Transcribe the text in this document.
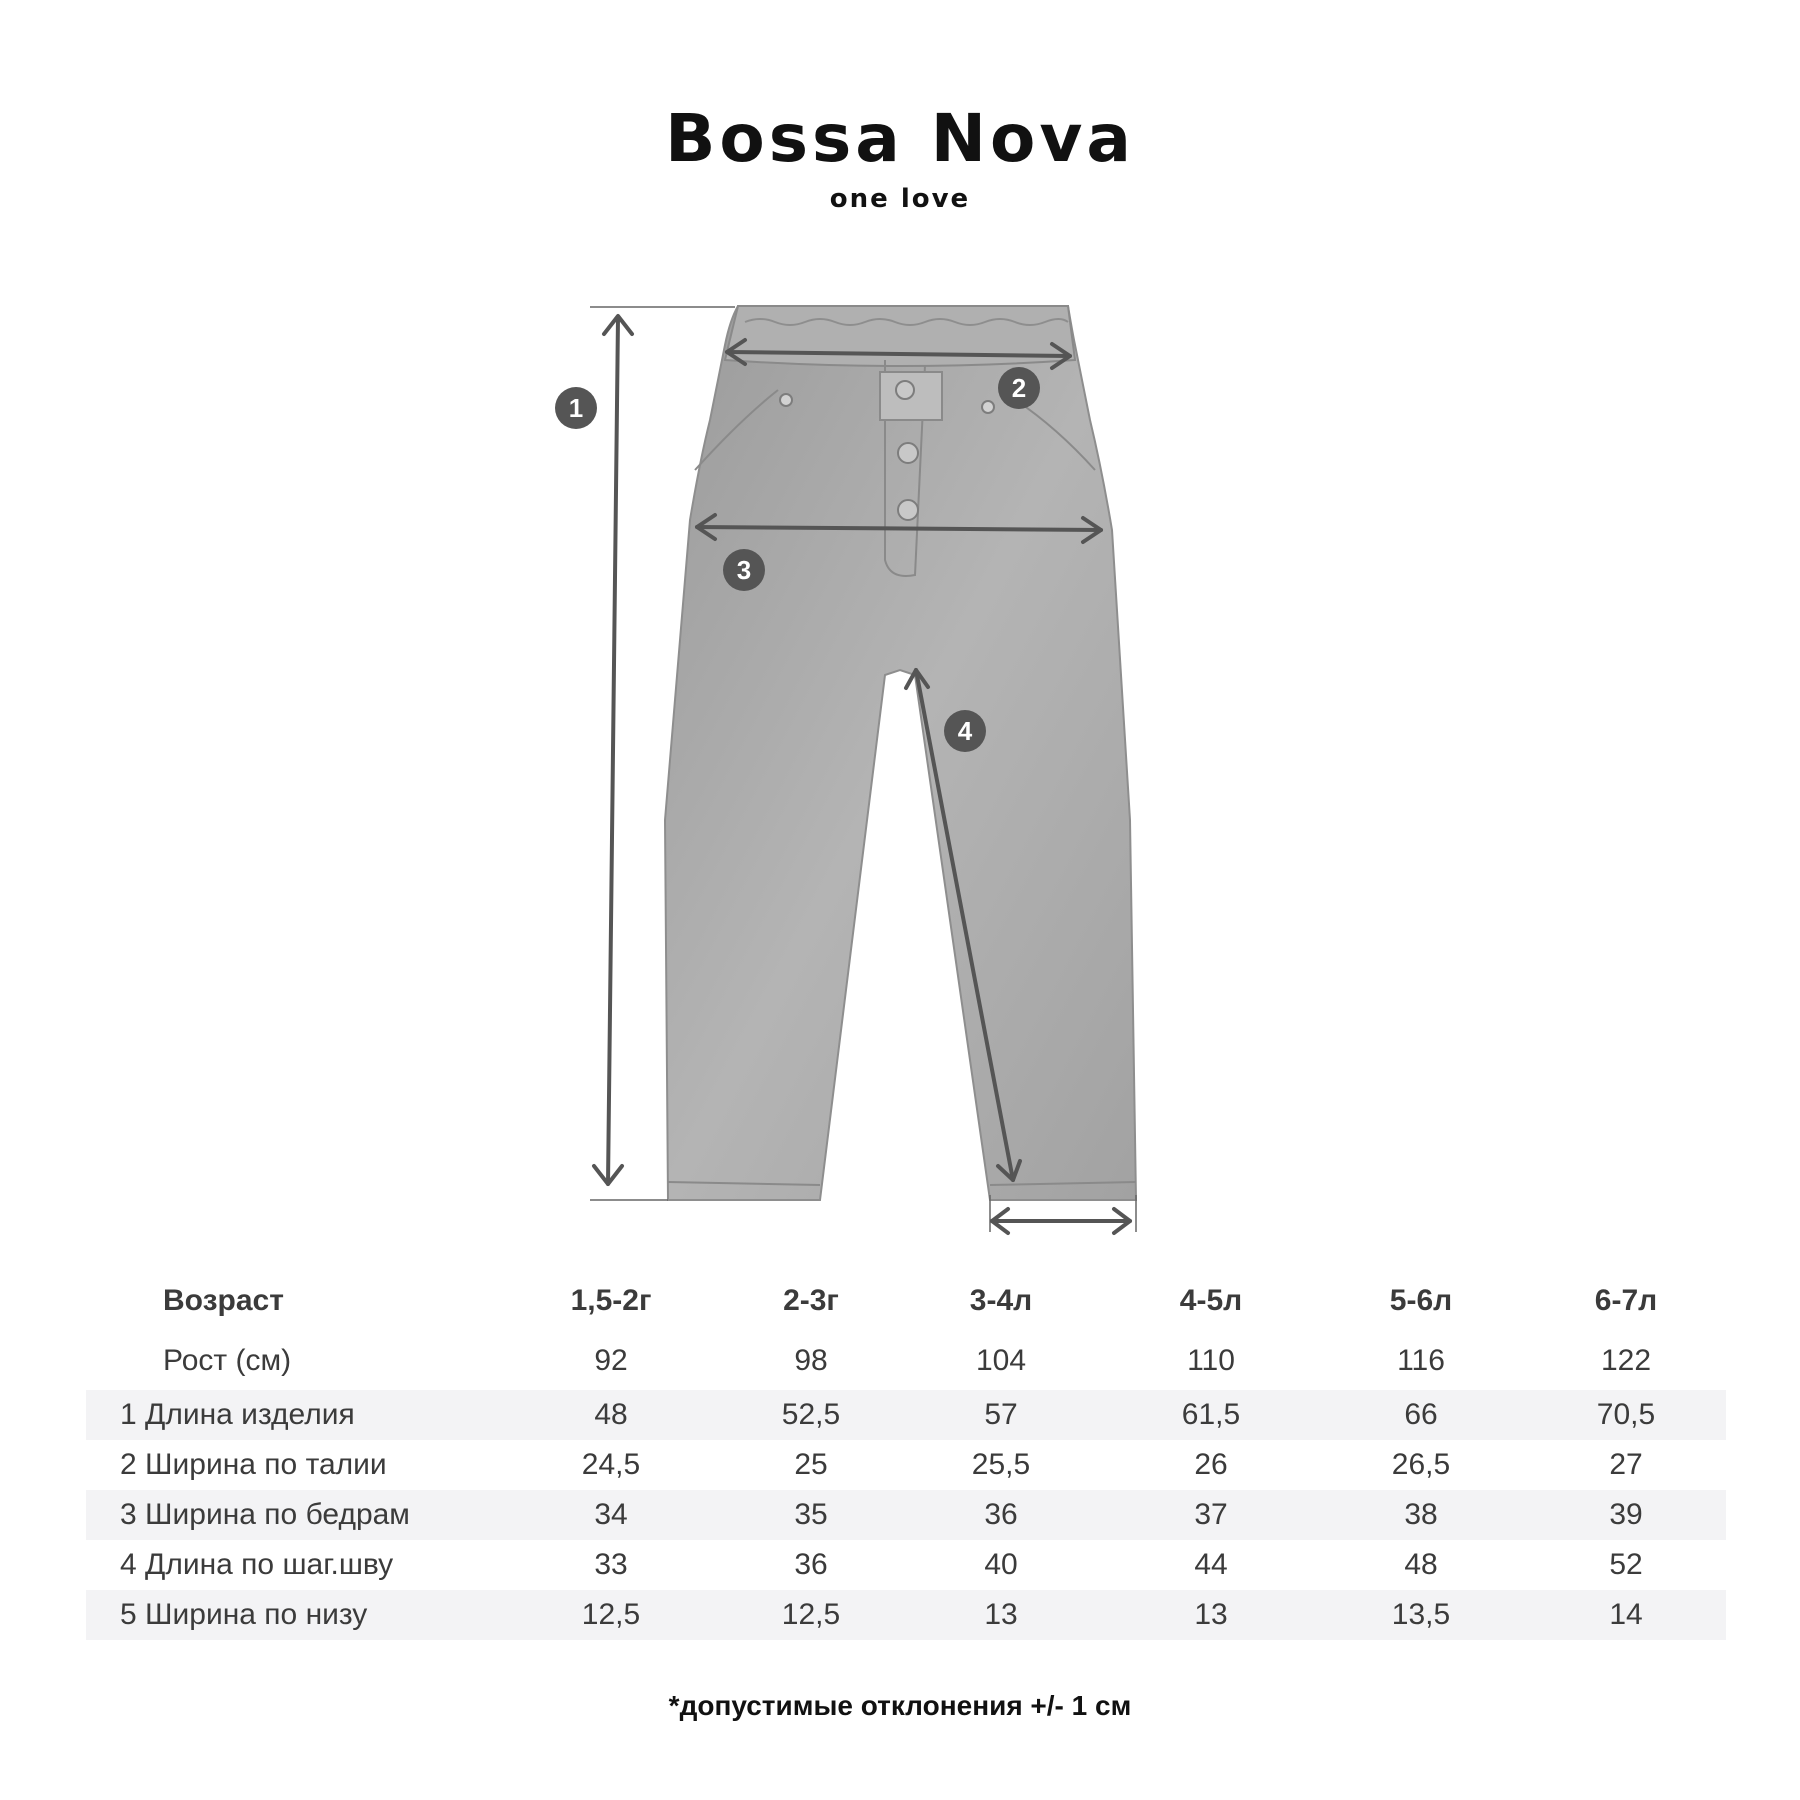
Bossa Nova
one love
1
2
3
4
Возраст	1,5-2г	2-3г	3-4л	4-5л	5-6л	6-7л
Рост (см)	92	98	104	110	116	122
1 Длина изделия	48	52,5	57	61,5	66	70,5
2 Ширина по талии	24,5	25	25,5	26	26,5	27
3 Ширина по бедрам	34	35	36	37	38	39
4 Длина по шаг.шву	33	36	40	44	48	52
5 Ширина по низу	12,5	12,5	13	13	13,5	14
*допустимые отклонения +/- 1 см
